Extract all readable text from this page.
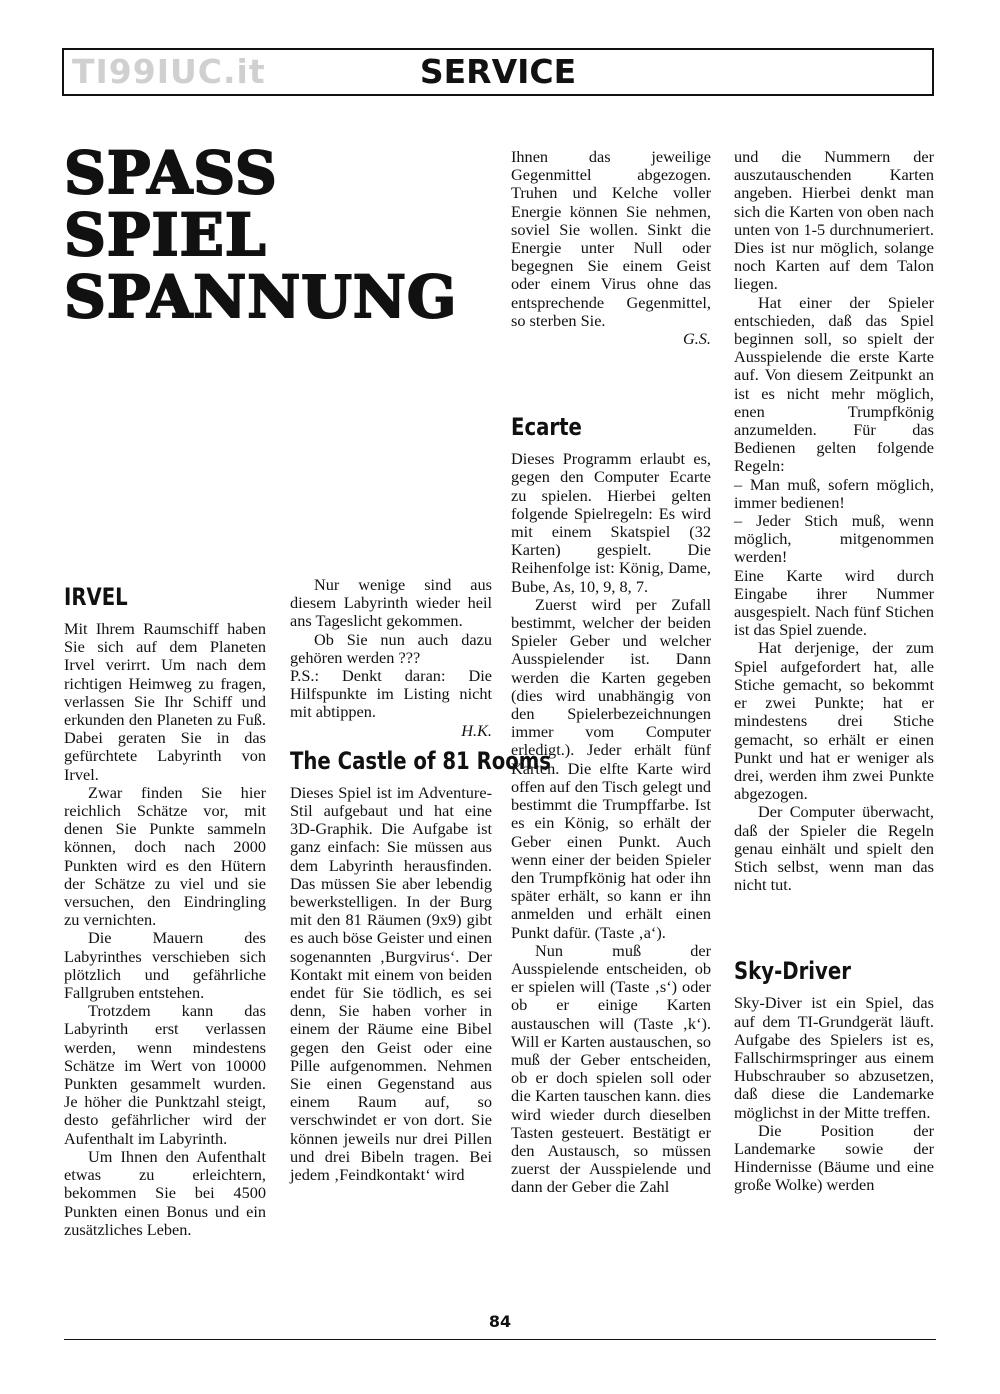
TI99IUC.it	SERVICE
SPASS
SPIEL
SPANNUNG
IRVEL

Mit Ihrem Raumschiff haben Sie sich auf dem Planeten Irvel verirrt. Um nach dem richtigen Heimweg zu fragen, verlassen Sie Ihr Schiff und erkunden den Planeten zu Fuß. Dabei geraten Sie in das gefürchtete Labyrinth von Irvel.

Zwar finden Sie hier reichlich Schätze vor, mit denen Sie Punkte sammeln können, doch nach 2000 Punkten wird es den Hütern der Schätze zu viel und sie versuchen, den Eindringling zu vernichten.

Die Mauern des Labyrinthes verschieben sich plötzlich und gefährliche Fallgruben entstehen.

Trotzdem kann das Labyrinth erst verlassen werden, wenn mindestens Schätze im Wert von 10000 Punkten gesammelt wurden. Je höher die Punktzahl steigt, desto gefährlicher wird der Aufenthalt im Labyrinth.

Um Ihnen den Aufenthalt etwas zu erleichtern, bekommen Sie bei 4500 Punkten einen Bonus und ein zusätzliches Leben.

Nur wenige sind aus diesem Labyrinth wieder heil ans Tageslicht gekommen.

Ob Sie nun auch dazu gehören werden ???

P.S.: Denkt daran: Die Hilfspunkte im Listing nicht mit abtippen.

H.K.

The Castle of 81 Rooms

Dieses Spiel ist im Adventure-Stil aufgebaut und hat eine 3D-Graphik. Die Aufgabe ist ganz einfach: Sie müssen aus dem Labyrinth herausfinden. Das müssen Sie aber lebendig bewerkstelligen. In der Burg mit den 81 Räumen (9x9) gibt es auch böse Geister und einen sogenannten ‚Burgvirus‘. Der Kontakt mit einem von beiden endet für Sie tödlich, es sei denn, Sie haben vorher in einem der Räume eine Bibel gegen den Geist oder eine Pille aufgenommen. Nehmen Sie einen Gegenstand aus einem Raum auf, so verschwindet er von dort. Sie können jeweils nur drei Pillen und drei Bibeln tragen. Bei jedem ‚Feindkontakt‘ wird

Ihnen das jeweilige Gegenmittel abgezogen. Truhen und Kelche voller Energie können Sie nehmen, soviel Sie wollen. Sinkt die Energie unter Null oder begegnen Sie einem Geist oder einem Virus ohne das entsprechende Gegenmittel, so sterben Sie.

G.S.

Ecarte

Dieses Programm erlaubt es, gegen den Computer Ecarte zu spielen. Hierbei gelten folgende Spielregeln: Es wird mit einem Skatspiel (32 Karten) gespielt. Die Reihenfolge ist: König, Dame, Bube, As, 10, 9, 8, 7.

Zuerst wird per Zufall bestimmt, welcher der beiden Spieler Geber und welcher Ausspielender ist. Dann werden die Karten gegeben (dies wird unabhängig von den Spielerbezeichnungen immer vom Computer erledigt.). Jeder erhält fünf Karten. Die elfte Karte wird offen auf den Tisch gelegt und bestimmt die Trumpffarbe. Ist es ein König, so erhält der Geber einen Punkt. Auch wenn einer der beiden Spieler den Trumpfkönig hat oder ihn später erhält, so kann er ihn anmelden und erhält einen Punkt dafür. (Taste ‚a‘).

Nun muß der Ausspielende entscheiden, ob er spielen will (Taste ‚s‘) oder ob er einige Karten austauschen will (Taste ‚k‘). Will er Karten austauschen, so muß der Geber entscheiden, ob er doch spielen soll oder die Karten tauschen kann. dies wird wieder durch dieselben Tasten gesteuert. Bestätigt er den Austausch, so müssen zuerst der Ausspielende und dann der Geber die Zahl

und die Nummern der auszutauschenden Karten angeben. Hierbei denkt man sich die Karten von oben nach unten von 1-5 durchnumeriert. Dies ist nur möglich, solange noch Karten auf dem Talon liegen.

Hat einer der Spieler entschieden, daß das Spiel beginnen soll, so spielt der Ausspielende die erste Karte auf. Von diesem Zeitpunkt an ist es nicht mehr möglich, enen Trumpfkönig anzumelden. Für das Bedienen gelten folgende Regeln:

– Man muß, sofern möglich, immer bedienen!

– Jeder Stich muß, wenn möglich, mitgenommen werden!

Eine Karte wird durch Eingabe ihrer Nummer ausgespielt. Nach fünf Stichen ist das Spiel zuende.

Hat derjenige, der zum Spiel aufgefordert hat, alle Stiche gemacht, so bekommt er zwei Punkte; hat er mindestens drei Stiche gemacht, so erhält er einen Punkt und hat er weniger als drei, werden ihm zwei Punkte abgezogen.

Der Computer überwacht, daß der Spieler die Regeln genau einhält und spielt den Stich selbst, wenn man das nicht tut.

Sky-Driver

Sky-Diver ist ein Spiel, das auf dem TI-Grundgerät läuft. Aufgabe des Spielers ist es, Fallschirmspringer aus einem Hubschrauber so abzusetzen, daß diese die Landemarke möglichst in der Mitte treffen.

Die Position der Landemarke sowie der Hindernisse (Bäume und eine große Wolke) werden

84
